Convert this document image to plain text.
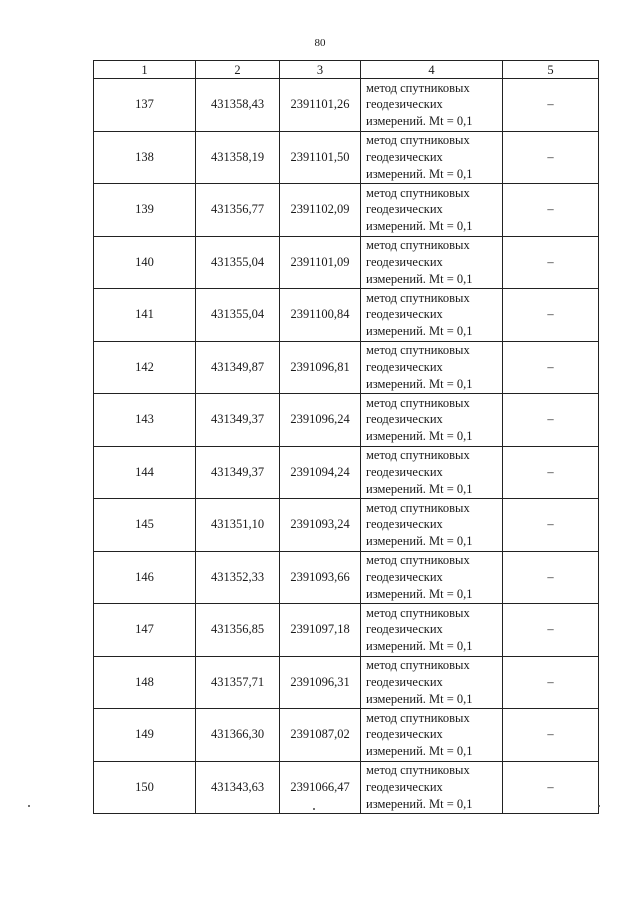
80
1	2	3	4	5
137	431358,43	2391101,26	метод спутниковых
геодезических
измерений. Mt = 0,1	–
138	431358,19	2391101,50	метод спутниковых
геодезических
измерений. Mt = 0,1	–
139	431356,77	2391102,09	метод спутниковых
геодезических
измерений. Mt = 0,1	–
140	431355,04	2391101,09	метод спутниковых
геодезических
измерений. Mt = 0,1	–
141	431355,04	2391100,84	метод спутниковых
геодезических
измерений. Mt = 0,1	–
142	431349,87	2391096,81	метод спутниковых
геодезических
измерений. Mt = 0,1	–
143	431349,37	2391096,24	метод спутниковых
геодезических
измерений. Mt = 0,1	–
144	431349,37	2391094,24	метод спутниковых
геодезических
измерений. Mt = 0,1	–
145	431351,10	2391093,24	метод спутниковых
геодезических
измерений. Mt = 0,1	–
146	431352,33	2391093,66	метод спутниковых
геодезических
измерений. Mt = 0,1	–
147	431356,85	2391097,18	метод спутниковых
геодезических
измерений. Mt = 0,1	–
148	431357,71	2391096,31	метод спутниковых
геодезических
измерений. Mt = 0,1	–
149	431366,30	2391087,02	метод спутниковых
геодезических
измерений. Mt = 0,1	–
150	431343,63	2391066,47	метод спутниковых
геодезических
измерений. Mt = 0,1	–
